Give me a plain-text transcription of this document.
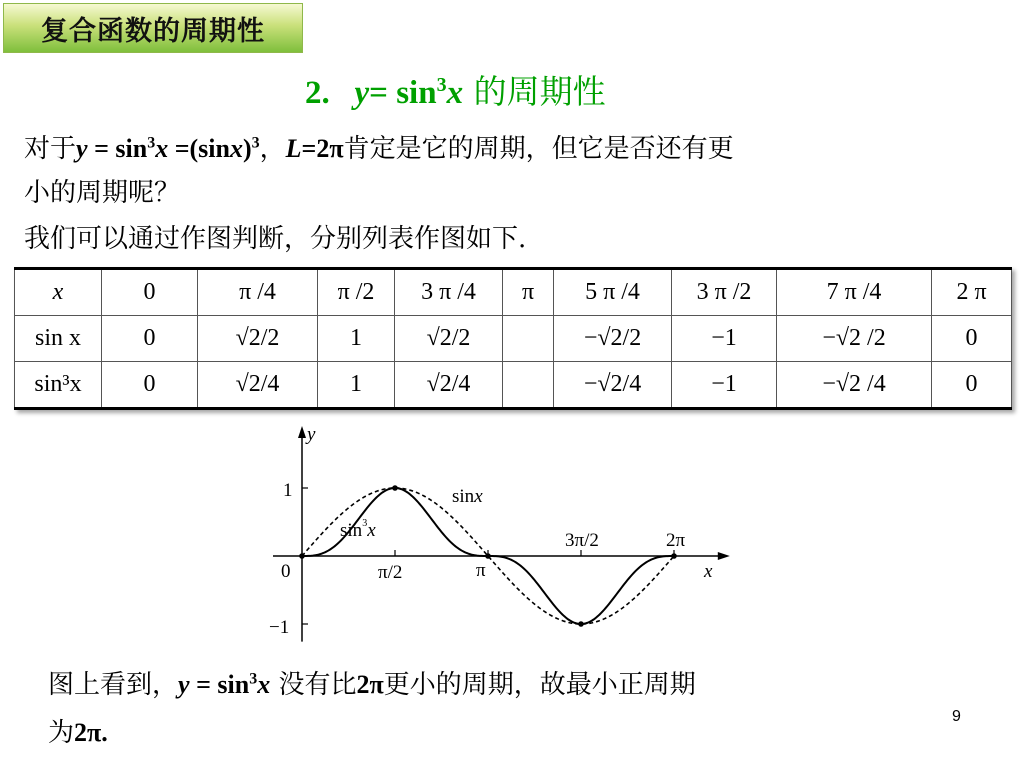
复合函数的周期性
2. $y= \sin^3x$ 的周期性
对于$y = \sin^3x =(\sin x)^3$，L=2π肯定是它的周期，但它是否还有更
小的周期呢？
我们可以通过作图判断，分别列表作图如下.
x	0	π /4	π /2	3 π /4	π	5 π /4	3 π /2	7 π /4	2 π
sin x	0	√2/2	1	√2/2		−√2/2	−1	−√2 /2	0
sin³x	0	√2/4	1	√2/4		−√2/4	−1	−√2 /4	0
y
x
0
1
−1
π/2	π
3π/2	2π
sinx
$\sin^3x$
图上看到，$y = \sin^3x$ 没有比2π更小的周期，故最小正周期
为2π.
9
